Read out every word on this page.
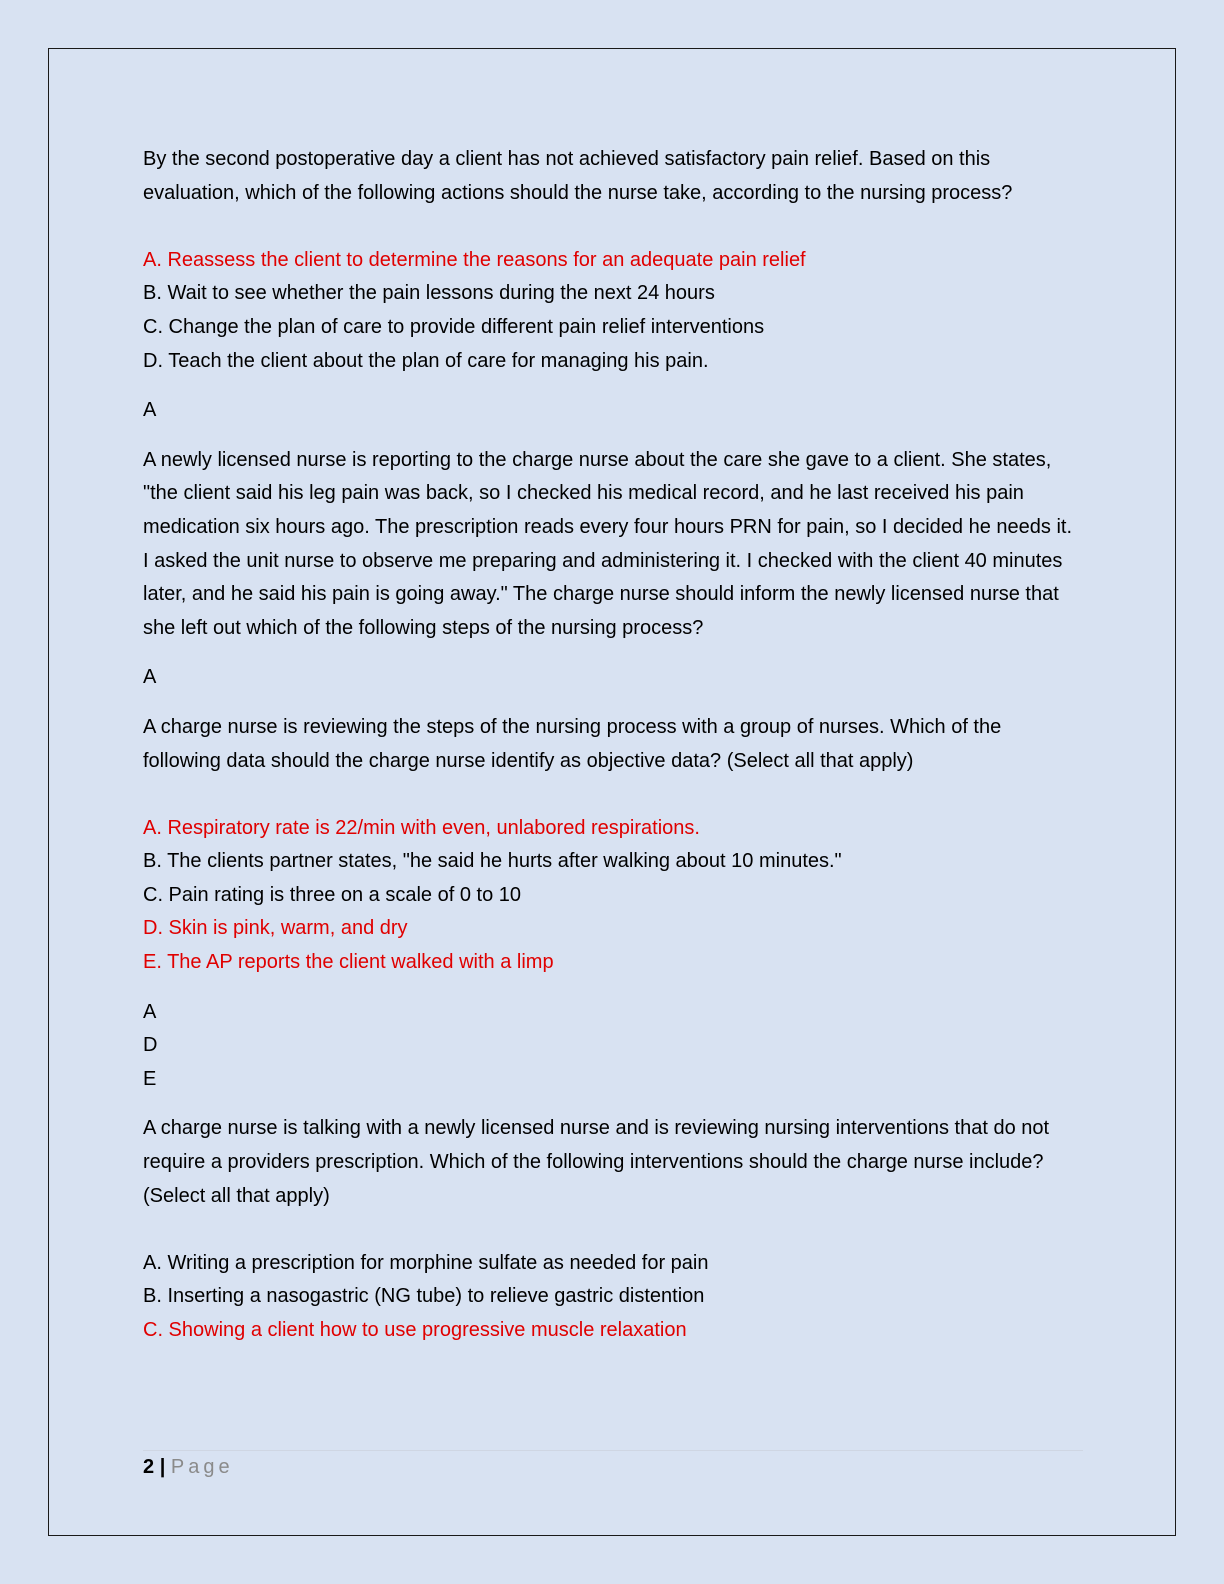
By the second postoperative day a client has not achieved satisfactory pain relief. Based on this evaluation, which of the following actions should the nurse take, according to the nursing process?

A. Reassess the client to determine the reasons for an adequate pain relief

B. Wait to see whether the pain lessons during the next 24 hours

C. Change the plan of care to provide different pain relief interventions

D. Teach the client about the plan of care for managing his pain.

A

A newly licensed nurse is reporting to the charge nurse about the care she gave to a client. She states, "the client said his leg pain was back, so I checked his medical record, and he last received his pain medication six hours ago. The prescription reads every four hours PRN for pain, so I decided he needs it. I asked the unit nurse to observe me preparing and administering it. I checked with the client 40 minutes later, and he said his pain is going away." The charge nurse should inform the newly licensed nurse that she left out which of the following steps of the nursing process?

A

A charge nurse is reviewing the steps of the nursing process with a group of nurses. Which of the following data should the charge nurse identify as objective data? (Select all that apply)

A. Respiratory rate is 22/min with even, unlabored respirations.

B. The clients partner states, "he said he hurts after walking about 10 minutes."

C. Pain rating is three on a scale of 0 to 10

D. Skin is pink, warm, and dry

E. The AP reports the client walked with a limp

A

D

E

A charge nurse is talking with a newly licensed nurse and is reviewing nursing interventions that do not require a providers prescription. Which of the following interventions should the charge nurse include? (Select all that apply)

A. Writing a prescription for morphine sulfate as needed for pain

B. Inserting a nasogastric (NG tube) to relieve gastric distention

C. Showing a client how to use progressive muscle relaxation

2 | Page
